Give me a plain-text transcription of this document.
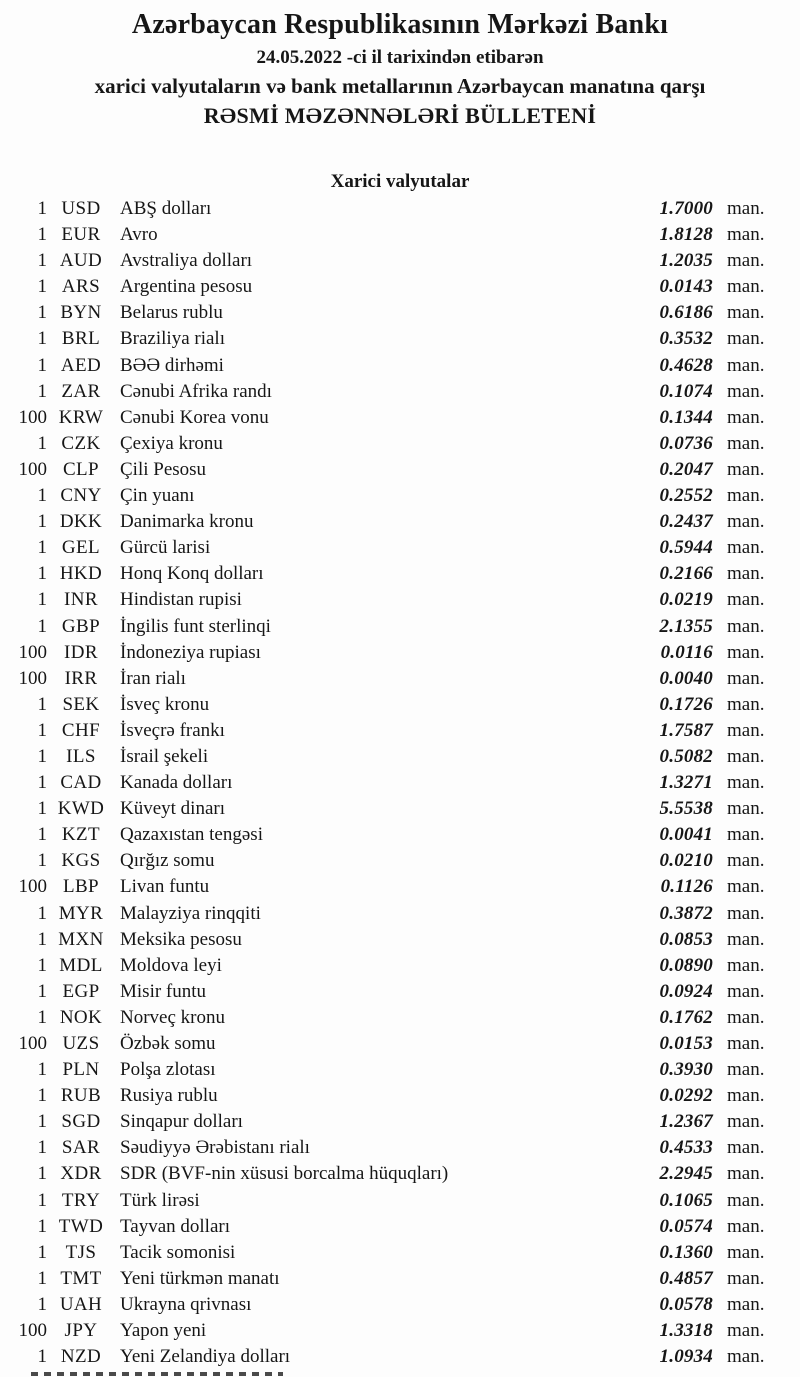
Azərbaycan Respublikasının Mərkəzi Bankı
24.05.2022 -ci il tarixindən etibarən
xarici valyutaların və bank metallarının Azərbaycan manatına qarşı
RƏSMİ MƏZƏNNƏLƏRİ BÜLLETENİ
Xarici valyutalar
1 USD	ABŞ dolları	1.7000 man.
1 EUR	Avro	1.8128 man.
1 AUD Avstraliya dolları	1.2035 man.
1 ARS	Argentina pesosu	0.0143 man.
1 BYN Belarus rublu	0.6186 man.
1 BRL	Braziliya rialı	0.3532 man.
1 AED BƏƏ dirhəmi	0.4628 man.
1 ZAR	Cənubi Afrika randı	0.1074 man.
100 KRW Cənubi Korea vonu	0.1344 man.
1 CZK	Çexiya kronu	0.0736 man.
100 CLP	Çili Pesosu	0.2047 man.
1 CNY Çin yuanı	0.2552 man.
1 DKK Danimarka kronu	0.2437 man.
1 GEL	Gürcü larisi	0.5944 man.
1 HKD Honq Konq dolları	0.2166 man.
1 INR	Hindistan rupisi	0.0219 man.
1 GBP	İngilis funt sterlinqi	2.1355 man.
100 IDR	İndoneziya rupiası	0.0116 man.
100 IRR	İran rialı	0.0040 man.
1 SEK	İsveç kronu	0.1726 man.
1 CHF	İsveçrə frankı	1.7587 man.
1	ILS	İsrail şekeli	0.5082 man.
1 CAD Kanada dolları	1.3271 man.
1 KWD Küveyt dinarı	5.5538 man.
1 KZT	Qazaxıstan tengəsi	0.0041 man.
1 KGS	Qırğız somu	0.0210 man.
100 LBP	Livan funtu	0.1126 man.
1 MYR Malayziya rinqqiti	0.3872 man.
1 MXN Meksika pesosu	0.0853 man.
1 MDL Moldova leyi	0.0890 man.
1 EGP	Misir funtu	0.0924 man.
1 NOK Norveç kronu	0.1762 man.
100 UZS	Özbək somu	0.0153 man.
1 PLN	Polşa zlotası	0.3930 man.
1 RUB Rusiya rublu	0.0292 man.
1 SGD	Sinqapur dolları	1.2367 man.
1 SAR	Səudiyyə Ərəbistanı rialı	0.4533 man.
1 XDR SDR (BVF-nin xüsusi borcalma hüquqları)	2.2945 man.
1 TRY	Türk lirəsi	0.1065 man.
1 TWD Tayvan dolları	0.0574 man.
1 TJS	Tacik somonisi	0.1360 man.
1 TMT Yeni türkmən manatı	0.4857 man.
1 UAH Ukrayna qrivnası	0.0578 man.
100 JPY	Yapon yeni	1.3318 man.
1 NZD Yeni Zelandiya dolları	1.0934 man.
